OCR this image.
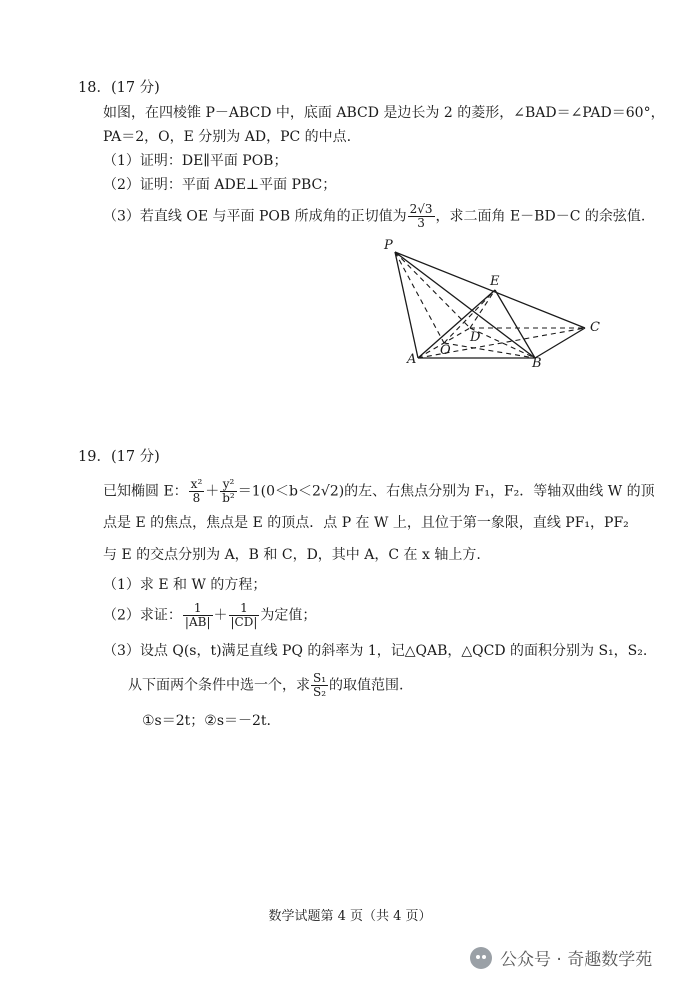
18．(17 分)
如图，在四棱锥 P－ABCD 中，底面 ABCD 是边长为 2 的菱形，∠BAD＝∠PAD＝60°，
PA＝2，O，E 分别为 AD，PC 的中点.
（1）证明：DE∥平面 POB；
（2）证明：平面 ADE⊥平面 PBC；
（3）若直线 OE 与平面 POB 所成角的正切值为 $\frac{2√3}{3}$ ，求二面角 E－BD－C 的余弦值.
P
E
D
C
A
O
B
19．(17 分)
已知椭圆 E： $\frac{\text{x²}}{8} + \frac{\text{y²}}{\text{b²}} =1(0<b<2√2)$的左、右焦点分别为 F₁，F₂．等轴双曲线 W 的顶
点是 E 的焦点，焦点是 E 的顶点．点 P 在 W 上，且位于第一象限，直线 PF₁，PF₂
与 E 的交点分别为 A，B 和 C，D，其中 A，C 在 x 轴上方.
（1）求 E 和 W 的方程；
（2）求证： $\frac{1}{|AB|} + \frac{1}{|CD|}$ 为定值；
（3）设点 Q(s，t)满足直线 PQ 的斜率为 1，记△QAB，△QCD 的面积分别为 S₁，S₂.
从下面两个条件中选一个，求 $\frac{\text{S₁}}{\text{S₂}}$ 的取值范围.
①s＝2t；②s＝－2t.
数学试题第 4 页（共 4 页）
公众号 · 奇趣数学苑
